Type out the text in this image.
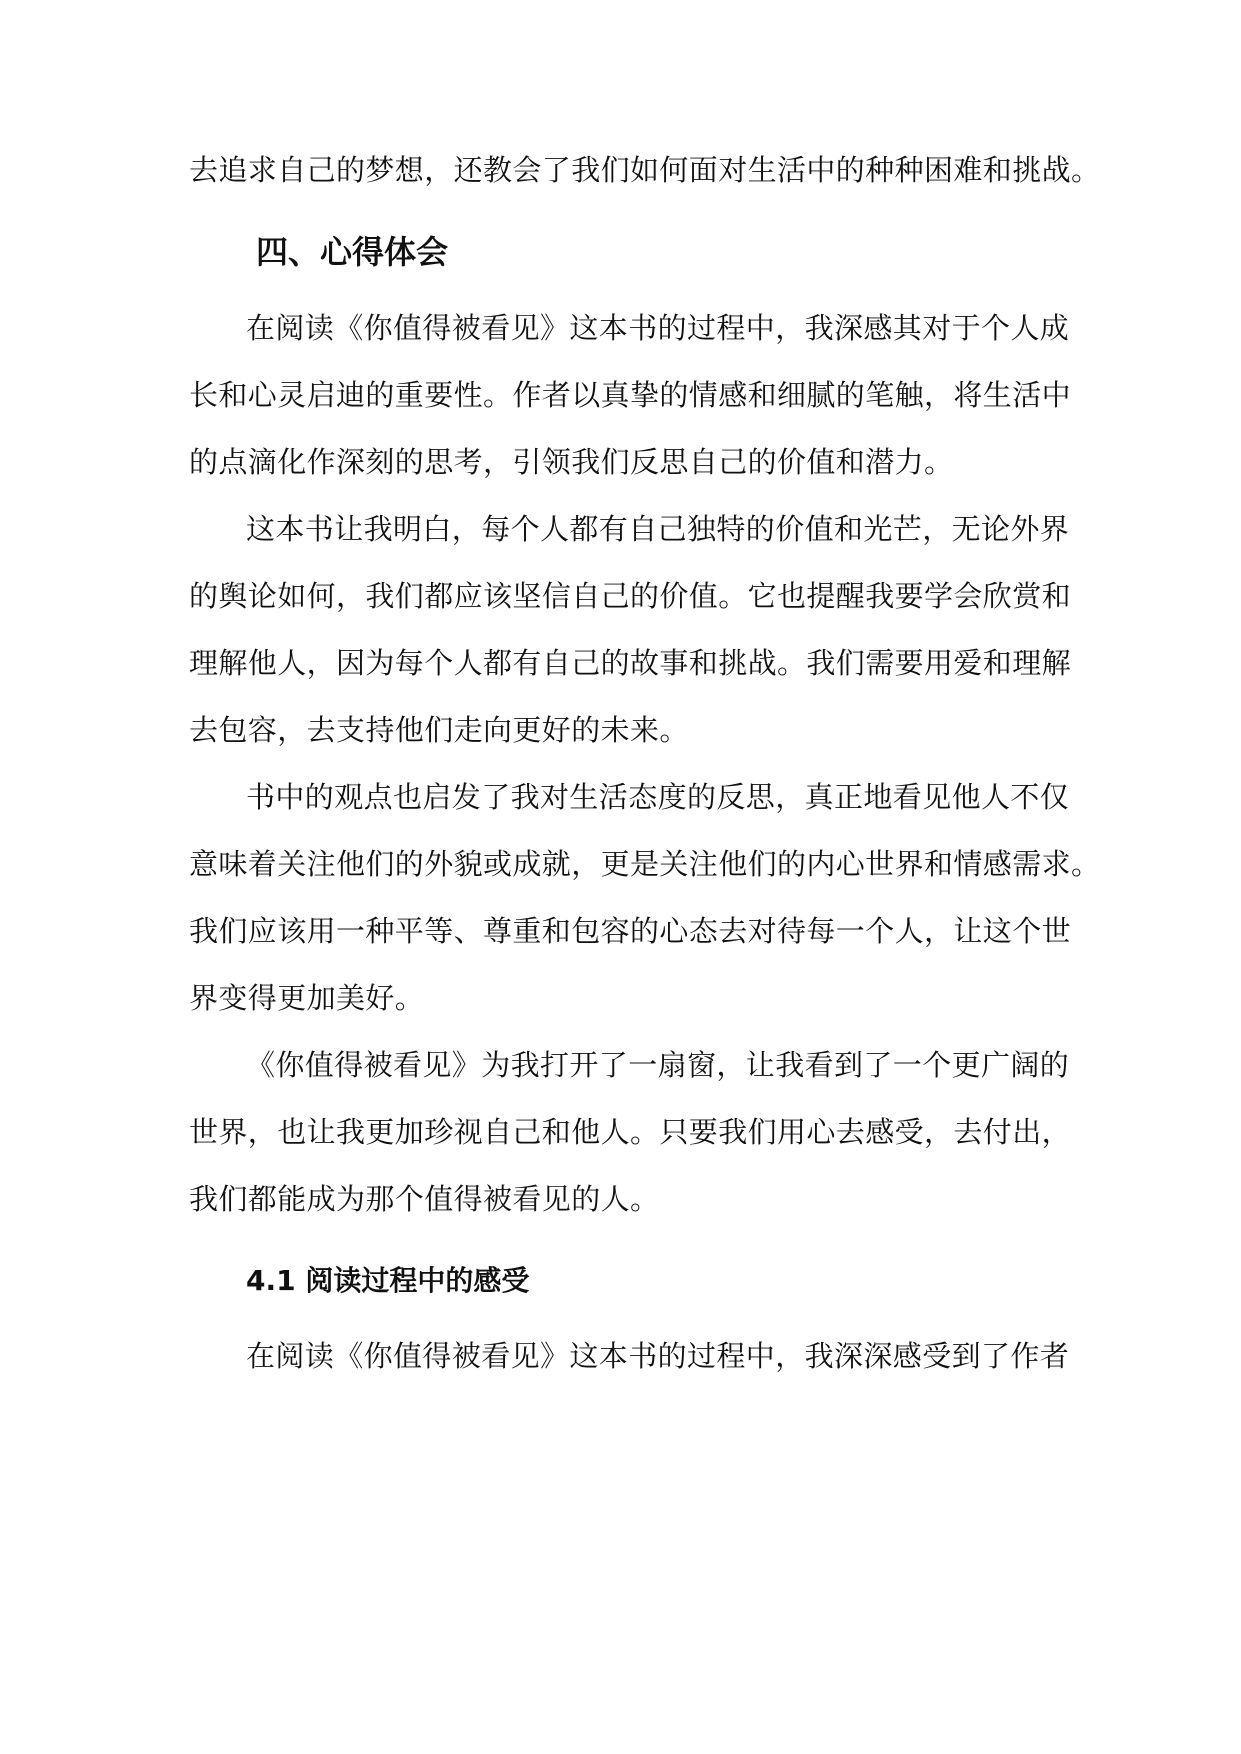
去追求自己的梦想，还教会了我们如何面对生活中的种种困难和挑战。
四、心得体会
在阅读《你值得被看见》这本书的过程中，我深感其对于个人成
长和心灵启迪的重要性。作者以真挚的情感和细腻的笔触，将生活中
的点滴化作深刻的思考，引领我们反思自己的价值和潜力。
这本书让我明白，每个人都有自己独特的价值和光芒，无论外界
的舆论如何，我们都应该坚信自己的价值。它也提醒我要学会欣赏和
理解他人，因为每个人都有自己的故事和挑战。我们需要用爱和理解
去包容，去支持他们走向更好的未来。
书中的观点也启发了我对生活态度的反思，真正地看见他人不仅
意味着关注他们的外貌或成就，更是关注他们的内心世界和情感需求。
我们应该用一种平等、尊重和包容的心态去对待每一个人，让这个世
界变得更加美好。
《你值得被看见》为我打开了一扇窗，让我看到了一个更广阔的
世界，也让我更加珍视自己和他人。只要我们用心去感受，去付出，
我们都能成为那个值得被看见的人。
4.1 阅读过程中的感受
在阅读《你值得被看见》这本书的过程中，我深深感受到了作者
